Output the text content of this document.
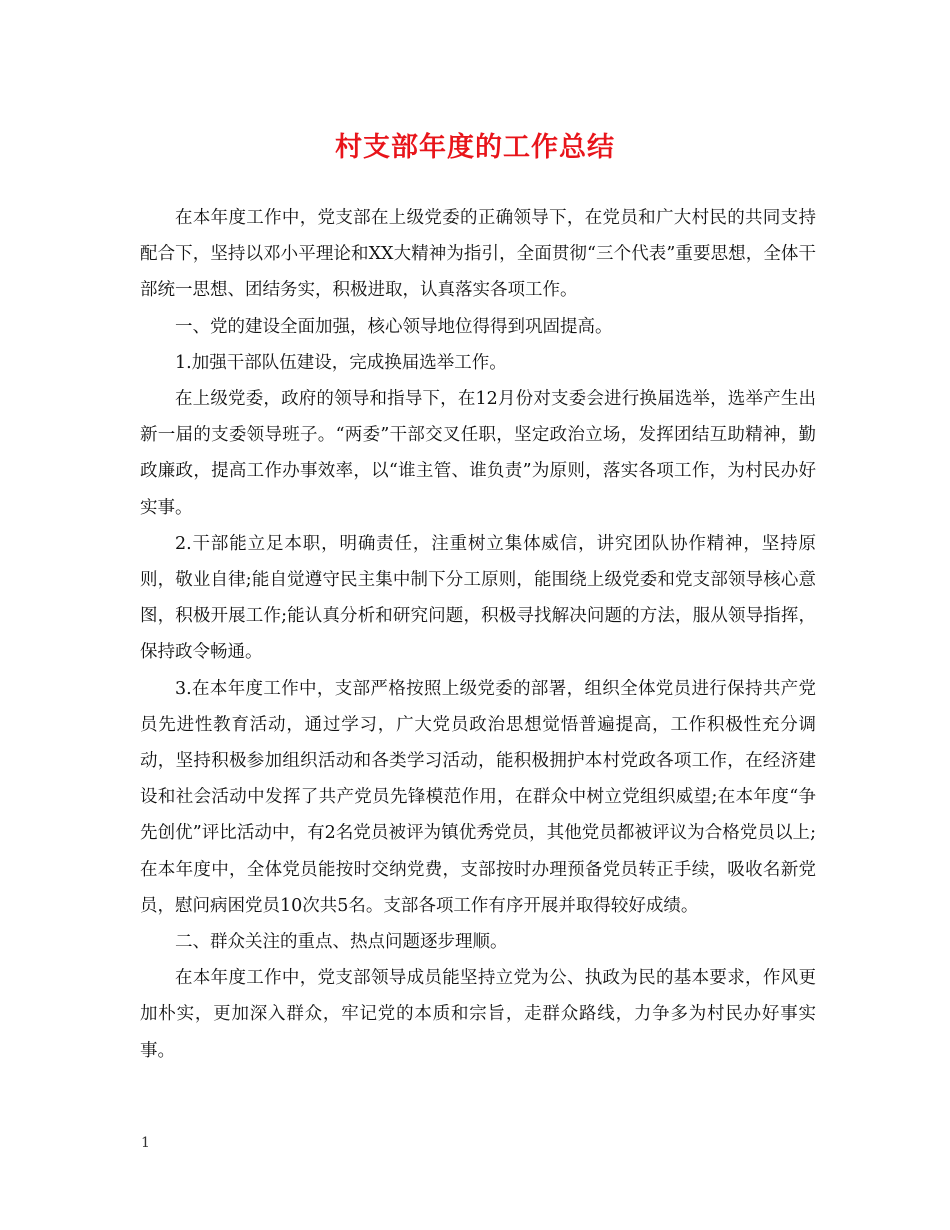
村支部年度的工作总结

在本年度工作中，党支部在上级党委的正确领导下，在党员和广大村民的共同支持配合下，坚持以邓小平理论和XX大精神为指引，全面贯彻“三个代表”重要思想，全体干部统一思想、团结务实，积极进取，认真落实各项工作。

一、党的建设全面加强，核心领导地位得得到巩固提高。

1.加强干部队伍建设，完成换届选举工作。

在上级党委，政府的领导和指导下，在12月份对支委会进行换届选举，选举产生出新一届的支委领导班子。“两委”干部交叉任职，坚定政治立场，发挥团结互助精神，勤政廉政，提高工作办事效率，以“谁主管、谁负责”为原则，落实各项工作，为村民办好实事。

2.干部能立足本职，明确责任，注重树立集体威信，讲究团队协作精神，坚持原则，敬业自律;能自觉遵守民主集中制下分工原则，能围绕上级党委和党支部领导核心意图，积极开展工作;能认真分析和研究问题，积极寻找解决问题的方法，服从领导指挥，保持政令畅通。

3.在本年度工作中，支部严格按照上级党委的部署，组织全体党员进行保持共产党员先进性教育活动，通过学习，广大党员政治思想觉悟普遍提高，工作积极性充分调动，坚持积极参加组织活动和各类学习活动，能积极拥护本村党政各项工作，在经济建设和社会活动中发挥了共产党员先锋模范作用，在群众中树立党组织威望;在本年度“争先创优”评比活动中，有2名党员被评为镇优秀党员，其他党员都被评议为合格党员以上;在本年度中，全体党员能按时交纳党费，支部按时办理预备党员转正手续，吸收名新党员，慰问病困党员10次共5名。支部各项工作有序开展并取得较好成绩。

二、群众关注的重点、热点问题逐步理顺。

在本年度工作中，党支部领导成员能坚持立党为公、执政为民的基本要求，作风更加朴实，更加深入群众，牢记党的本质和宗旨，走群众路线，力争多为村民办好事实事。

1
